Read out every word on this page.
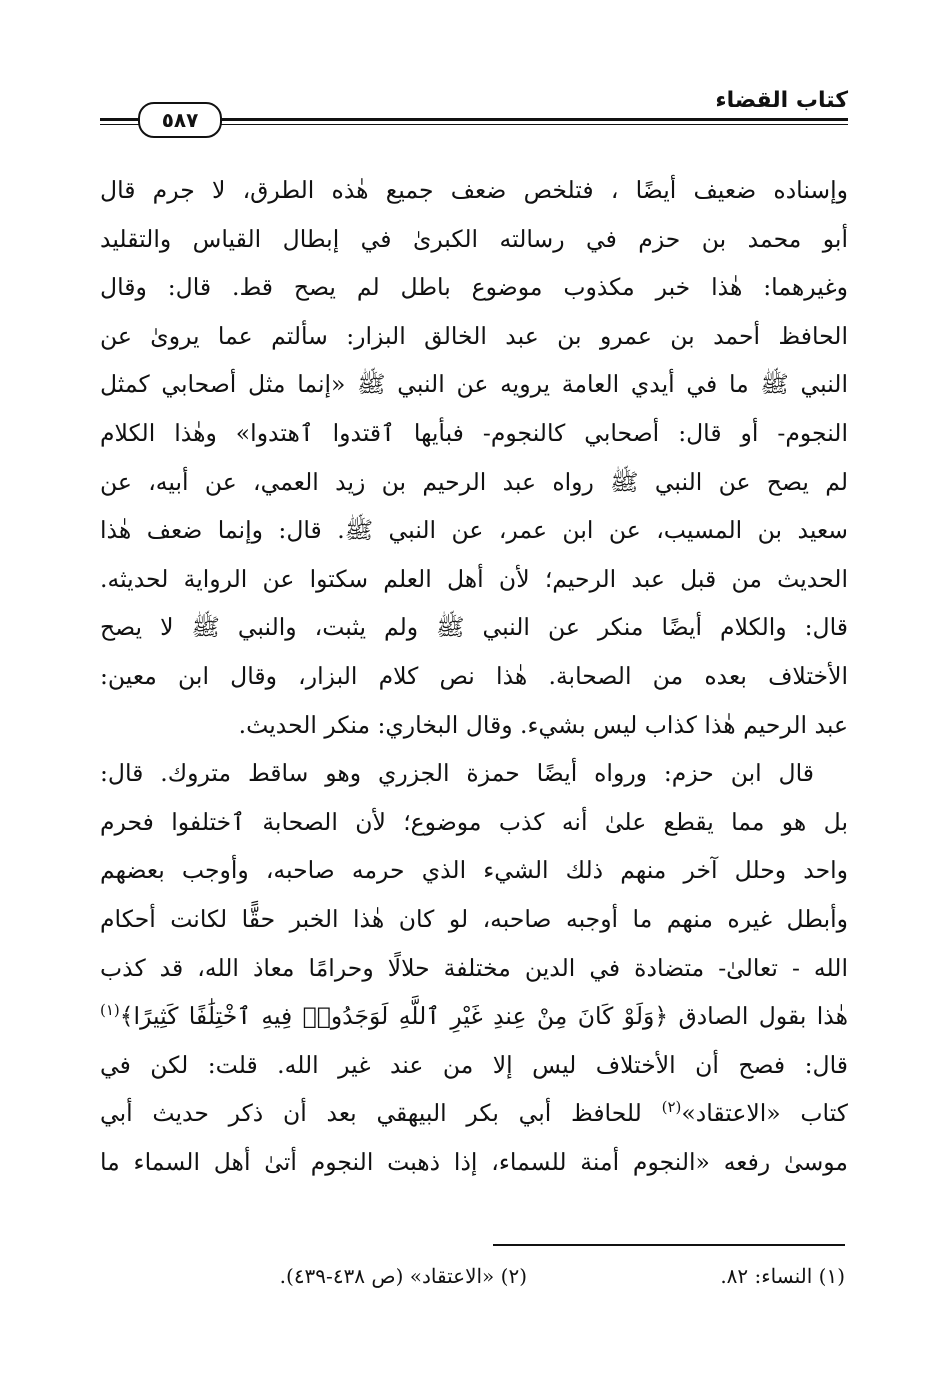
كتاب القضاء
٥٨٧
وإسناده ضعيف أيضًا ، فتلخص ضعف جميع هٰذه الطرق، لا جرم قال
أبو محمد بن حزم في رسالته الكبرىٰ في إبطال القياس والتقليد
وغيرهما: هٰذا خبر مكذوب موضوع باطل لم يصح قط. قال: وقال
الحافظ أحمد بن عمرو بن عبد الخالق البزار: سألتم عما يروىٰ عن
النبي ﷺ ما في أيدي العامة يرويه عن النبي ﷺ «إنما مثل أصحابي كمثل
النجوم- أو قال: أصحابي كالنجوم- فبأيها ٱقتدوا ٱهتدوا» وهٰذا الكلام
لم يصح عن النبي ﷺ رواه عبد الرحيم بن زيد العمي، عن أبيه، عن
سعيد بن المسيب، عن ابن عمر، عن النبي ﷺ. قال: وإنما ضعف هٰذا
الحديث من قبل عبد الرحيم؛ لأن أهل العلم سكتوا عن الرواية لحديثه.
قال: والكلام أيضًا منكر عن النبي ﷺ ولم يثبت، والنبي ﷺ لا يصح
الأختلاف بعده من الصحابة. هٰذا نص كلام البزار، وقال ابن معين:
عبد الرحيم هٰذا كذاب ليس بشيء. وقال البخاري: منكر الحديث.
قال ابن حزم: ورواه أيضًا حمزة الجزري وهو ساقط متروك. قال:
بل هو مما يقطع علىٰ أنه كذب موضوع؛ لأن الصحابة ٱختلفوا فحرم
واحد وحلل آخر منهم ذلك الشيء الذي حرمه صاحبه، وأوجب بعضهم
وأبطل غيره منهم ما أوجبه صاحبه، لو كان هٰذا الخبر حقًّا لكانت أحكام
الله - تعالىٰ- متضادة في الدين مختلفة حلالًا وحرامًا معاذ الله، قد كذب
هٰذا بقول الصادق ﴿وَلَوْ كَانَ مِنْ عِندِ غَيْرِ ٱللَّهِ لَوَجَدُوا۟ فِيهِ ٱخْتِلَٰفًا كَثِيرًا﴾$^{(١)}$
قال: فصح أن الأختلاف ليس إلا من عند غير الله. قلت: لكن في
كتاب «الاعتقاد»$^{(٢)}$ للحافظ أبي بكر البيهقي بعد أن ذكر حديث أبي
موسىٰ رفعه «النجوم أمنة للسماء، إذا ذهبت النجوم أتىٰ أهل السماء ما
(١) النساء: ٨٢.
(٢) «الاعتقاد» (ص ٤٣٨-٤٣٩).
